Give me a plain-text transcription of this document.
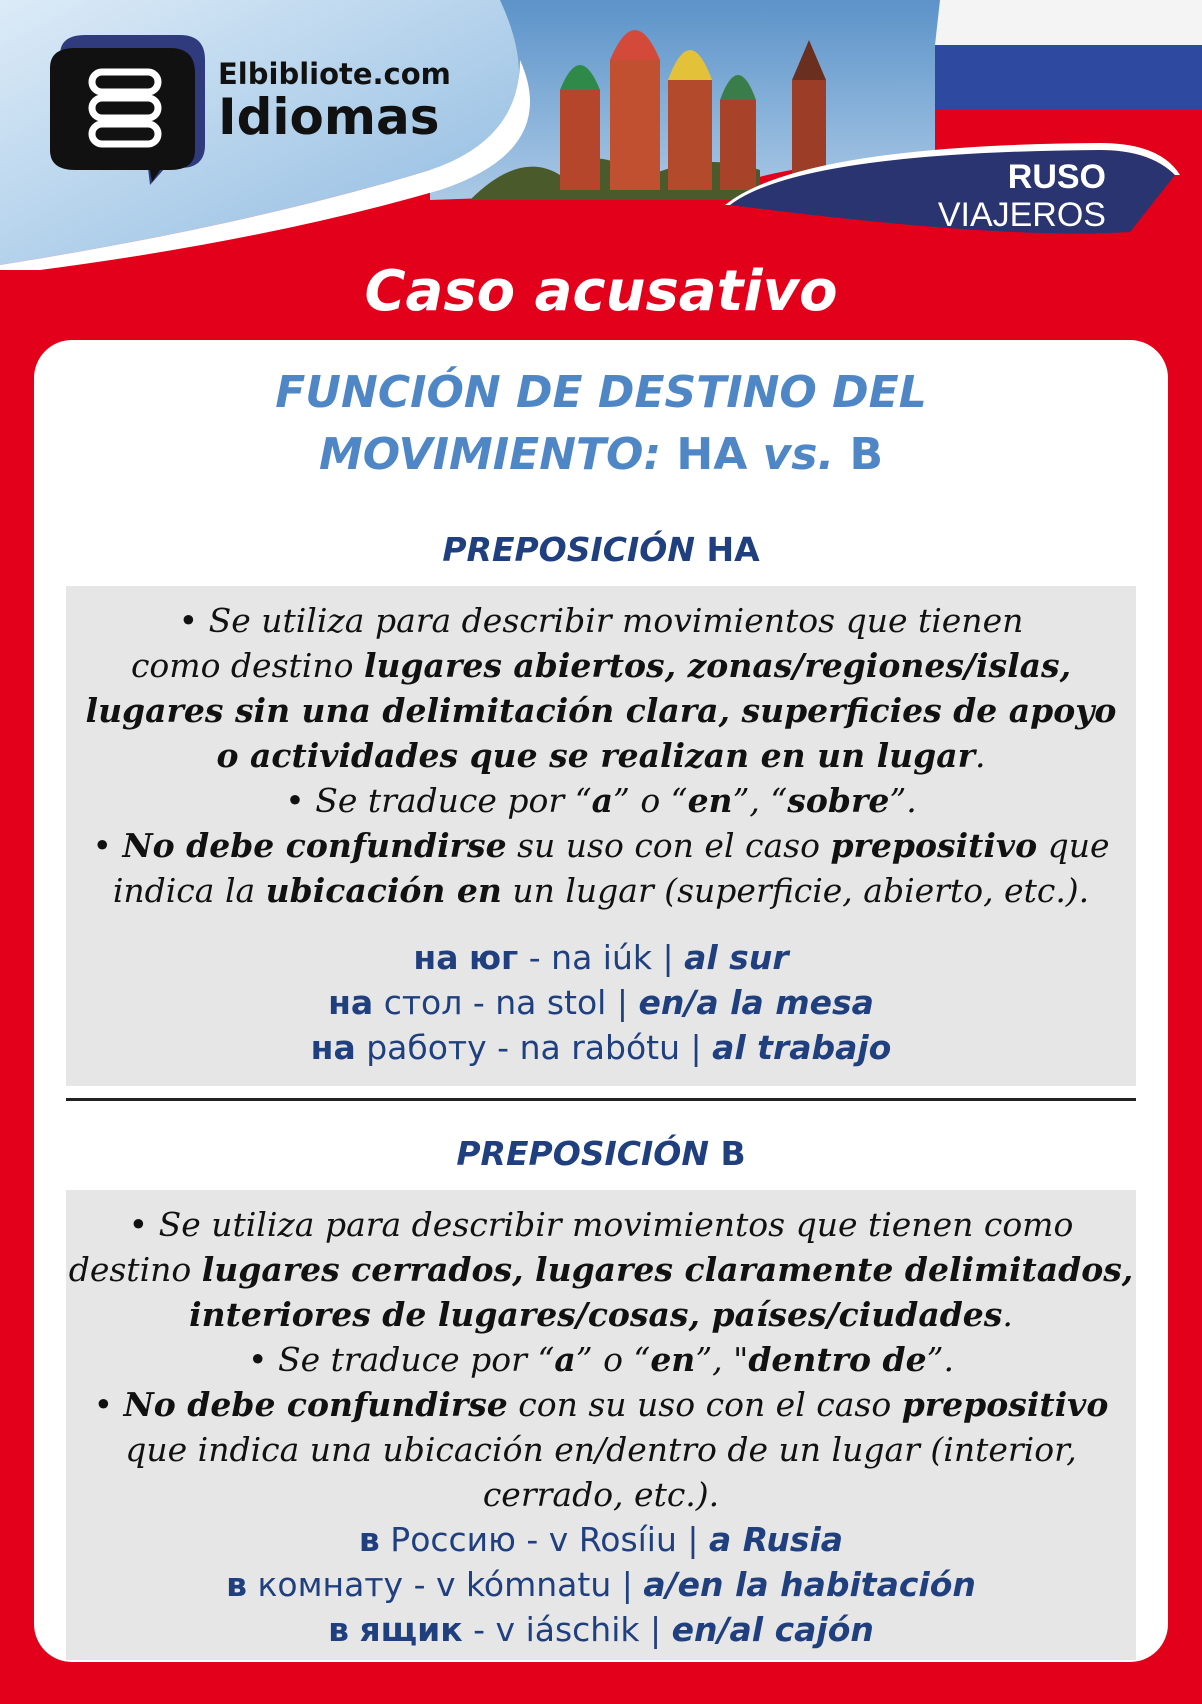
Elbibliote.com
Idiomas
RUSO
VIAJEROS
Caso acusativo
FUNCIÓN DE DESTINO DEL
MOVIMIENTO: НА vs. В
PREPOSICIÓN НА
• Se utiliza para describir movimientos que tienen
como destino lugares abiertos, zonas/regiones/islas,
lugares sin una delimitación clara, superficies de apoyo
o actividades que se realizan en un lugar.
• Se traduce por “a” o “en”, “sobre”.
• No debe confundirse su uso con el caso prepositivo que
indica la ubicación en un lugar (superficie, abierto, etc.).
на юг - na iúk | al sur
на стол - na stol | en/a la mesa
на работу - na rabótu | al trabajo
PREPOSICIÓN В
• Se utiliza para describir movimientos que tienen como
destino lugares cerrados, lugares claramente delimitados,
interiores de lugares/cosas, países/ciudades.
• Se traduce por “a” o “en”, "dentro de”.
• No debe confundirse con su uso con el caso prepositivo
que indica una ubicación en/dentro de un lugar (interior,
cerrado, etc.).
в Россию - v Rosíiu | a Rusia
в комнату - v kómnatu | a/en la habitación
в ящик - v iáschik | en/al cajón
